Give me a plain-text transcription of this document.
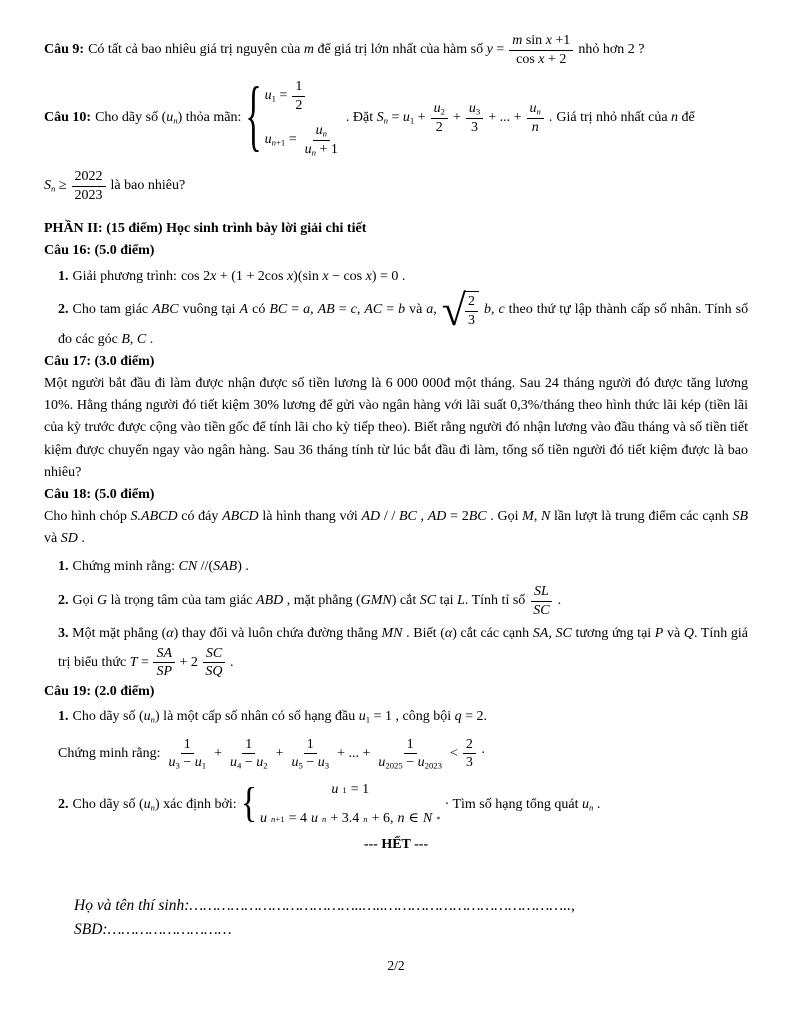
Câu 9: Có tất cả bao nhiêu giá trị nguyên của m để giá trị lớn nhất của hàm số $y = \frac{\text{m sin x +1}}{\text{cos x + 2}}$ nhỏ hơn 2 ?
Câu 10: Cho dãy số $(u_n)$ thỏa mãn: { $u_1 = \frac{1}{2}$
$u_{n+1} = \frac{u_n}{u_n + 1}$
. Đặt $S_n = u_1 + \frac{u_2}{2} + \frac{u_3}{3}$ + ... + $\frac{u_n}{n}$ . Giá trị nhỏ nhất của n để
$S_n \ge \frac{2022}{2023}$ là bao nhiêu?
PHẦN II: (15 điểm) Học sinh trình bày lời giải chi tiết
Câu 16: (5.0 điểm)
1. Giải phương trình: cos 2x + (1 + 2cos x)(sin x − cos x) = 0 .
2. Cho tam giác ABC vuông tại A có BC = a, AB = c, AC = b và a, √ $\frac{2}{3} b$, c theo thứ tự lập thành cấp số nhân. Tính số đo các góc B, C .
Câu 17: (3.0 điểm)
Một người bắt đầu đi làm được nhận được số tiền lương là 6 000 000đ một tháng. Sau 24 tháng người đó được tăng lương 10%. Hằng tháng người đó tiết kiệm 30% lương để gửi vào ngân hàng với lãi suất 0,3%/tháng theo hình thức lãi kép (tiền lãi của kỳ trước được cộng vào tiền gốc để tính lãi cho kỳ tiếp theo). Biết rằng người đó nhận lương vào đầu tháng và số tiền tiết kiệm được chuyển ngay vào ngân hàng. Sau 36 tháng tính từ lúc bắt đầu đi làm, tổng số tiền người đó tiết kiệm được là bao nhiêu?
Câu 18: (5.0 điểm)
Cho hình chóp S.ABCD có đáy ABCD là hình thang với AD / / BC , AD = 2BC . Gọi M, N lần lượt là trung điểm các cạnh SB và SD .
1. Chứng minh rằng: CN //(SAB) .
2. Gọi G là trọng tâm của tam giác ABD , mặt phẳng (GMN) cắt SC tại L. Tính tỉ số $\frac{SL}{SC}$ .
3. Một mặt phẳng (α) thay đổi và luôn chứa đường thẳng MN . Biết (α) cắt các cạnh SA, SC tương ứng tại P và Q. Tính giá trị biểu thức $T = \frac{SA}{SP} + 2 \frac{SC}{SQ}$ .
Câu 19: (2.0 điểm)
1. Cho dãy số $(u_n)$ là một cấp số nhân có số hạng đầu $u_1 = 1$ , công bội q = 2.
Chứng minh rằng: $\frac{1}{u_3 - u_1} + \frac{1}{u_4 - u_2} + \frac{1}{u_5 - u_3}$ + ... + $\frac{1}{u_{2025} - u_{2023}} < \frac{2}{3}$ ·
2. Cho dãy số $(u_n)$ xác định bởi: {	u 1 = 1
u n+1 = 4 u n + 3.4 n + 6, n ∈ N *
· Tìm số hạng tổng quát $u_n$ .
--- HẾT ---
Họ và tên thí sinh:………………………………..…..………………………………….., SBD:………………………
2/2
